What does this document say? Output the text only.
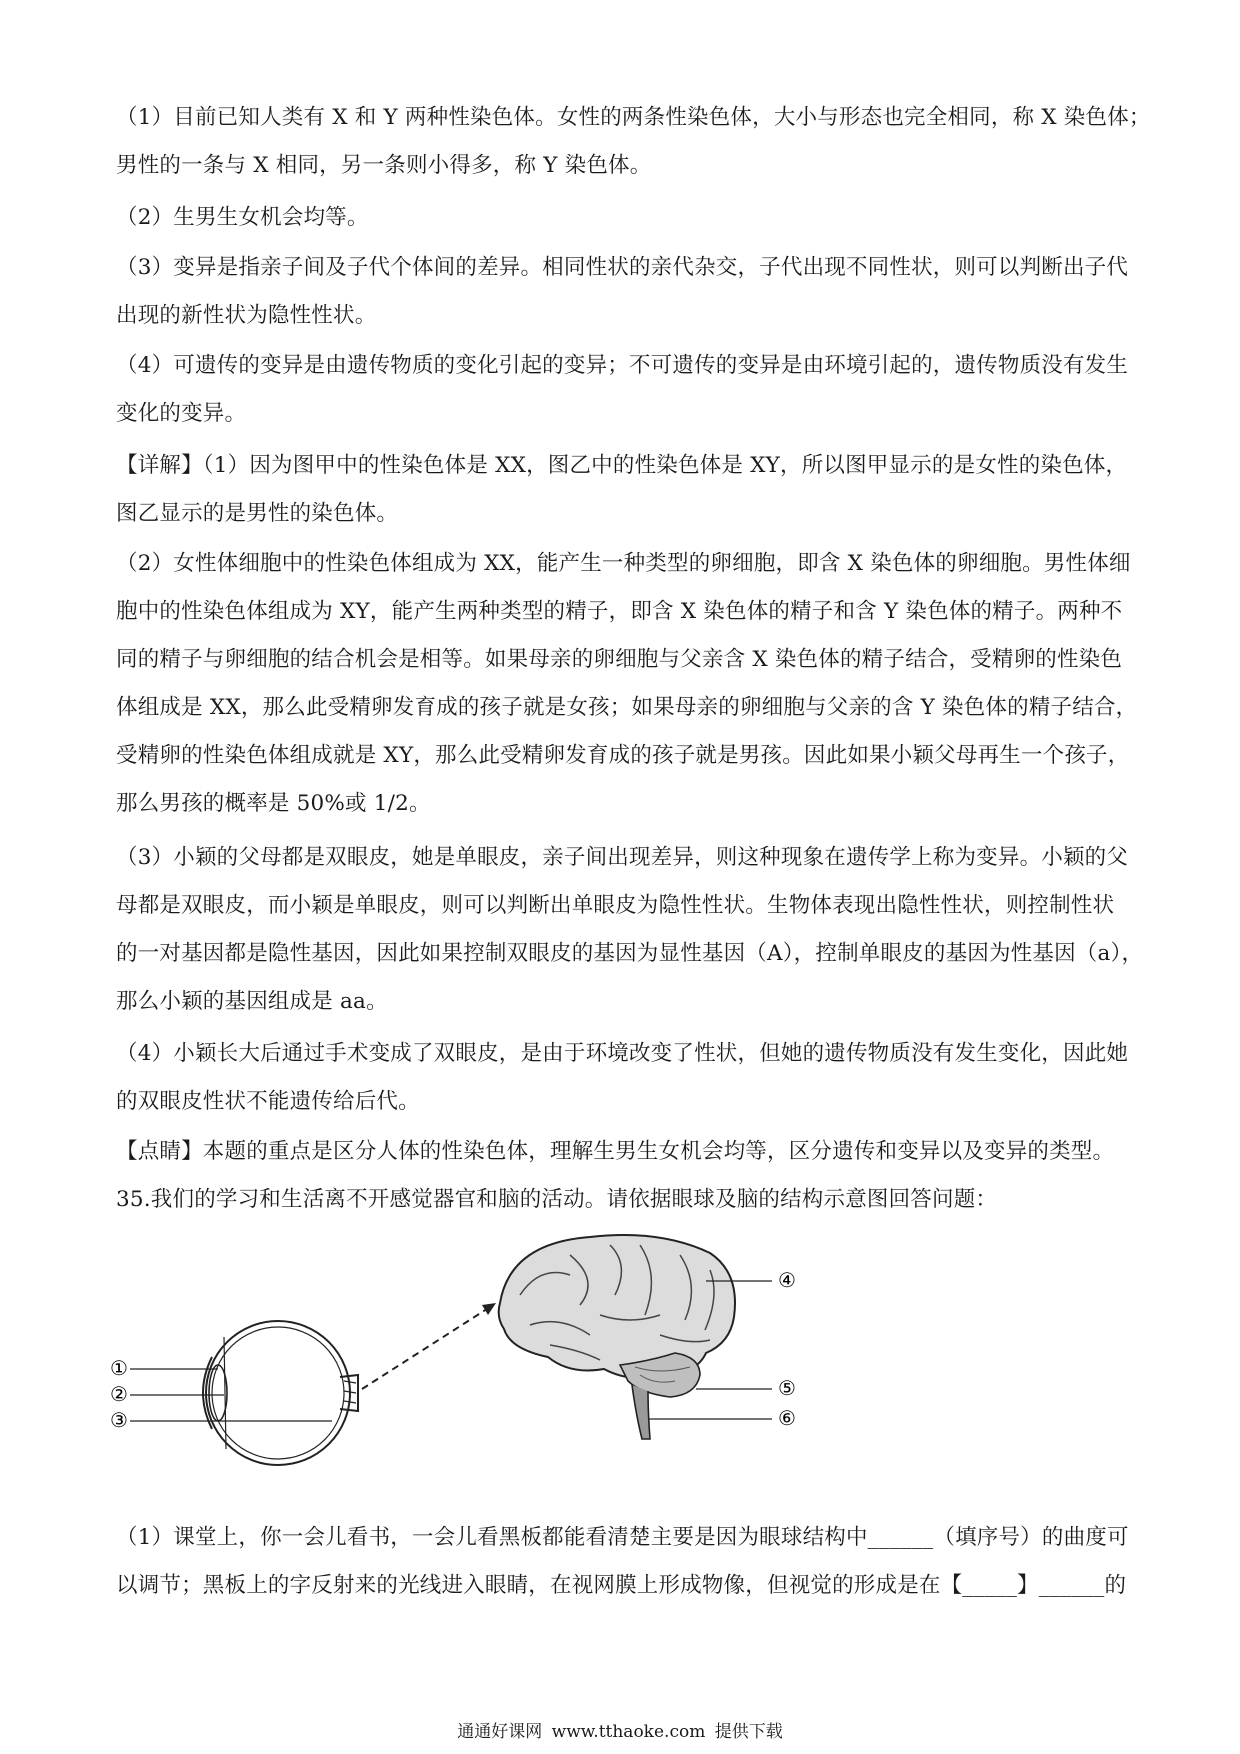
（1）目前已知人类有 X 和 Y 两种性染色体。女性的两条性染色体，大小与形态也完全相同，称 X 染色体；
男性的一条与 X 相同，另一条则小得多，称 Y 染色体。
（2）生男生女机会均等。
（3）变异是指亲子间及子代个体间的差异。相同性状的亲代杂交，子代出现不同性状，则可以判断出子代
出现的新性状为隐性性状。
（4）可遗传的变异是由遗传物质的变化引起的变异；不可遗传的变异是由环境引起的，遗传物质没有发生
变化的变异。
【详解】（1）因为图甲中的性染色体是 XX，图乙中的性染色体是 XY，所以图甲显示的是女性的染色体，
图乙显示的是男性的染色体。
（2）女性体细胞中的性染色体组成为 XX，能产生一种类型的卵细胞，即含 X 染色体的卵细胞。男性体细
胞中的性染色体组成为 XY，能产生两种类型的精子，即含 X 染色体的精子和含 Y 染色体的精子。两种不
同的精子与卵细胞的结合机会是相等。如果母亲的卵细胞与父亲含 X 染色体的精子结合，受精卵的性染色
体组成是 XX，那么此受精卵发育成的孩子就是女孩；如果母亲的卵细胞与父亲的含 Y 染色体的精子结合，
受精卵的性染色体组成就是 XY，那么此受精卵发育成的孩子就是男孩。因此如果小颖父母再生一个孩子，
那么男孩的概率是 50%或 1/2。
（3）小颖的父母都是双眼皮，她是单眼皮，亲子间出现差异，则这种现象在遗传学上称为变异。小颖的父
母都是双眼皮，而小颖是单眼皮，则可以判断出单眼皮为隐性性状。生物体表现出隐性性状，则控制性状
的一对基因都是隐性基因，因此如果控制双眼皮的基因为显性基因（A），控制单眼皮的基因为性基因（a），
那么小颖的基因组成是 aa。
（4）小颖长大后通过手术变成了双眼皮，是由于环境改变了性状，但她的遗传物质没有发生变化，因此她
的双眼皮性状不能遗传给后代。
【点睛】本题的重点是区分人体的性染色体，理解生男生女机会均等，区分遗传和变异以及变异的类型。
35.我们的学习和生活离不开感觉器官和脑的活动。请依据眼球及脑的结构示意图回答问题：
①
②
③
④
⑤
⑥
（1）课堂上，你一会儿看书，一会儿看黑板都能看清楚主要是因为眼球结构中______（填序号）的曲度可
以调节；黑板上的字反射来的光线进入眼睛，在视网膜上形成物像，但视觉的形成是在【_____】______的
通通好课网 www.tthaoke.com 提供下载
